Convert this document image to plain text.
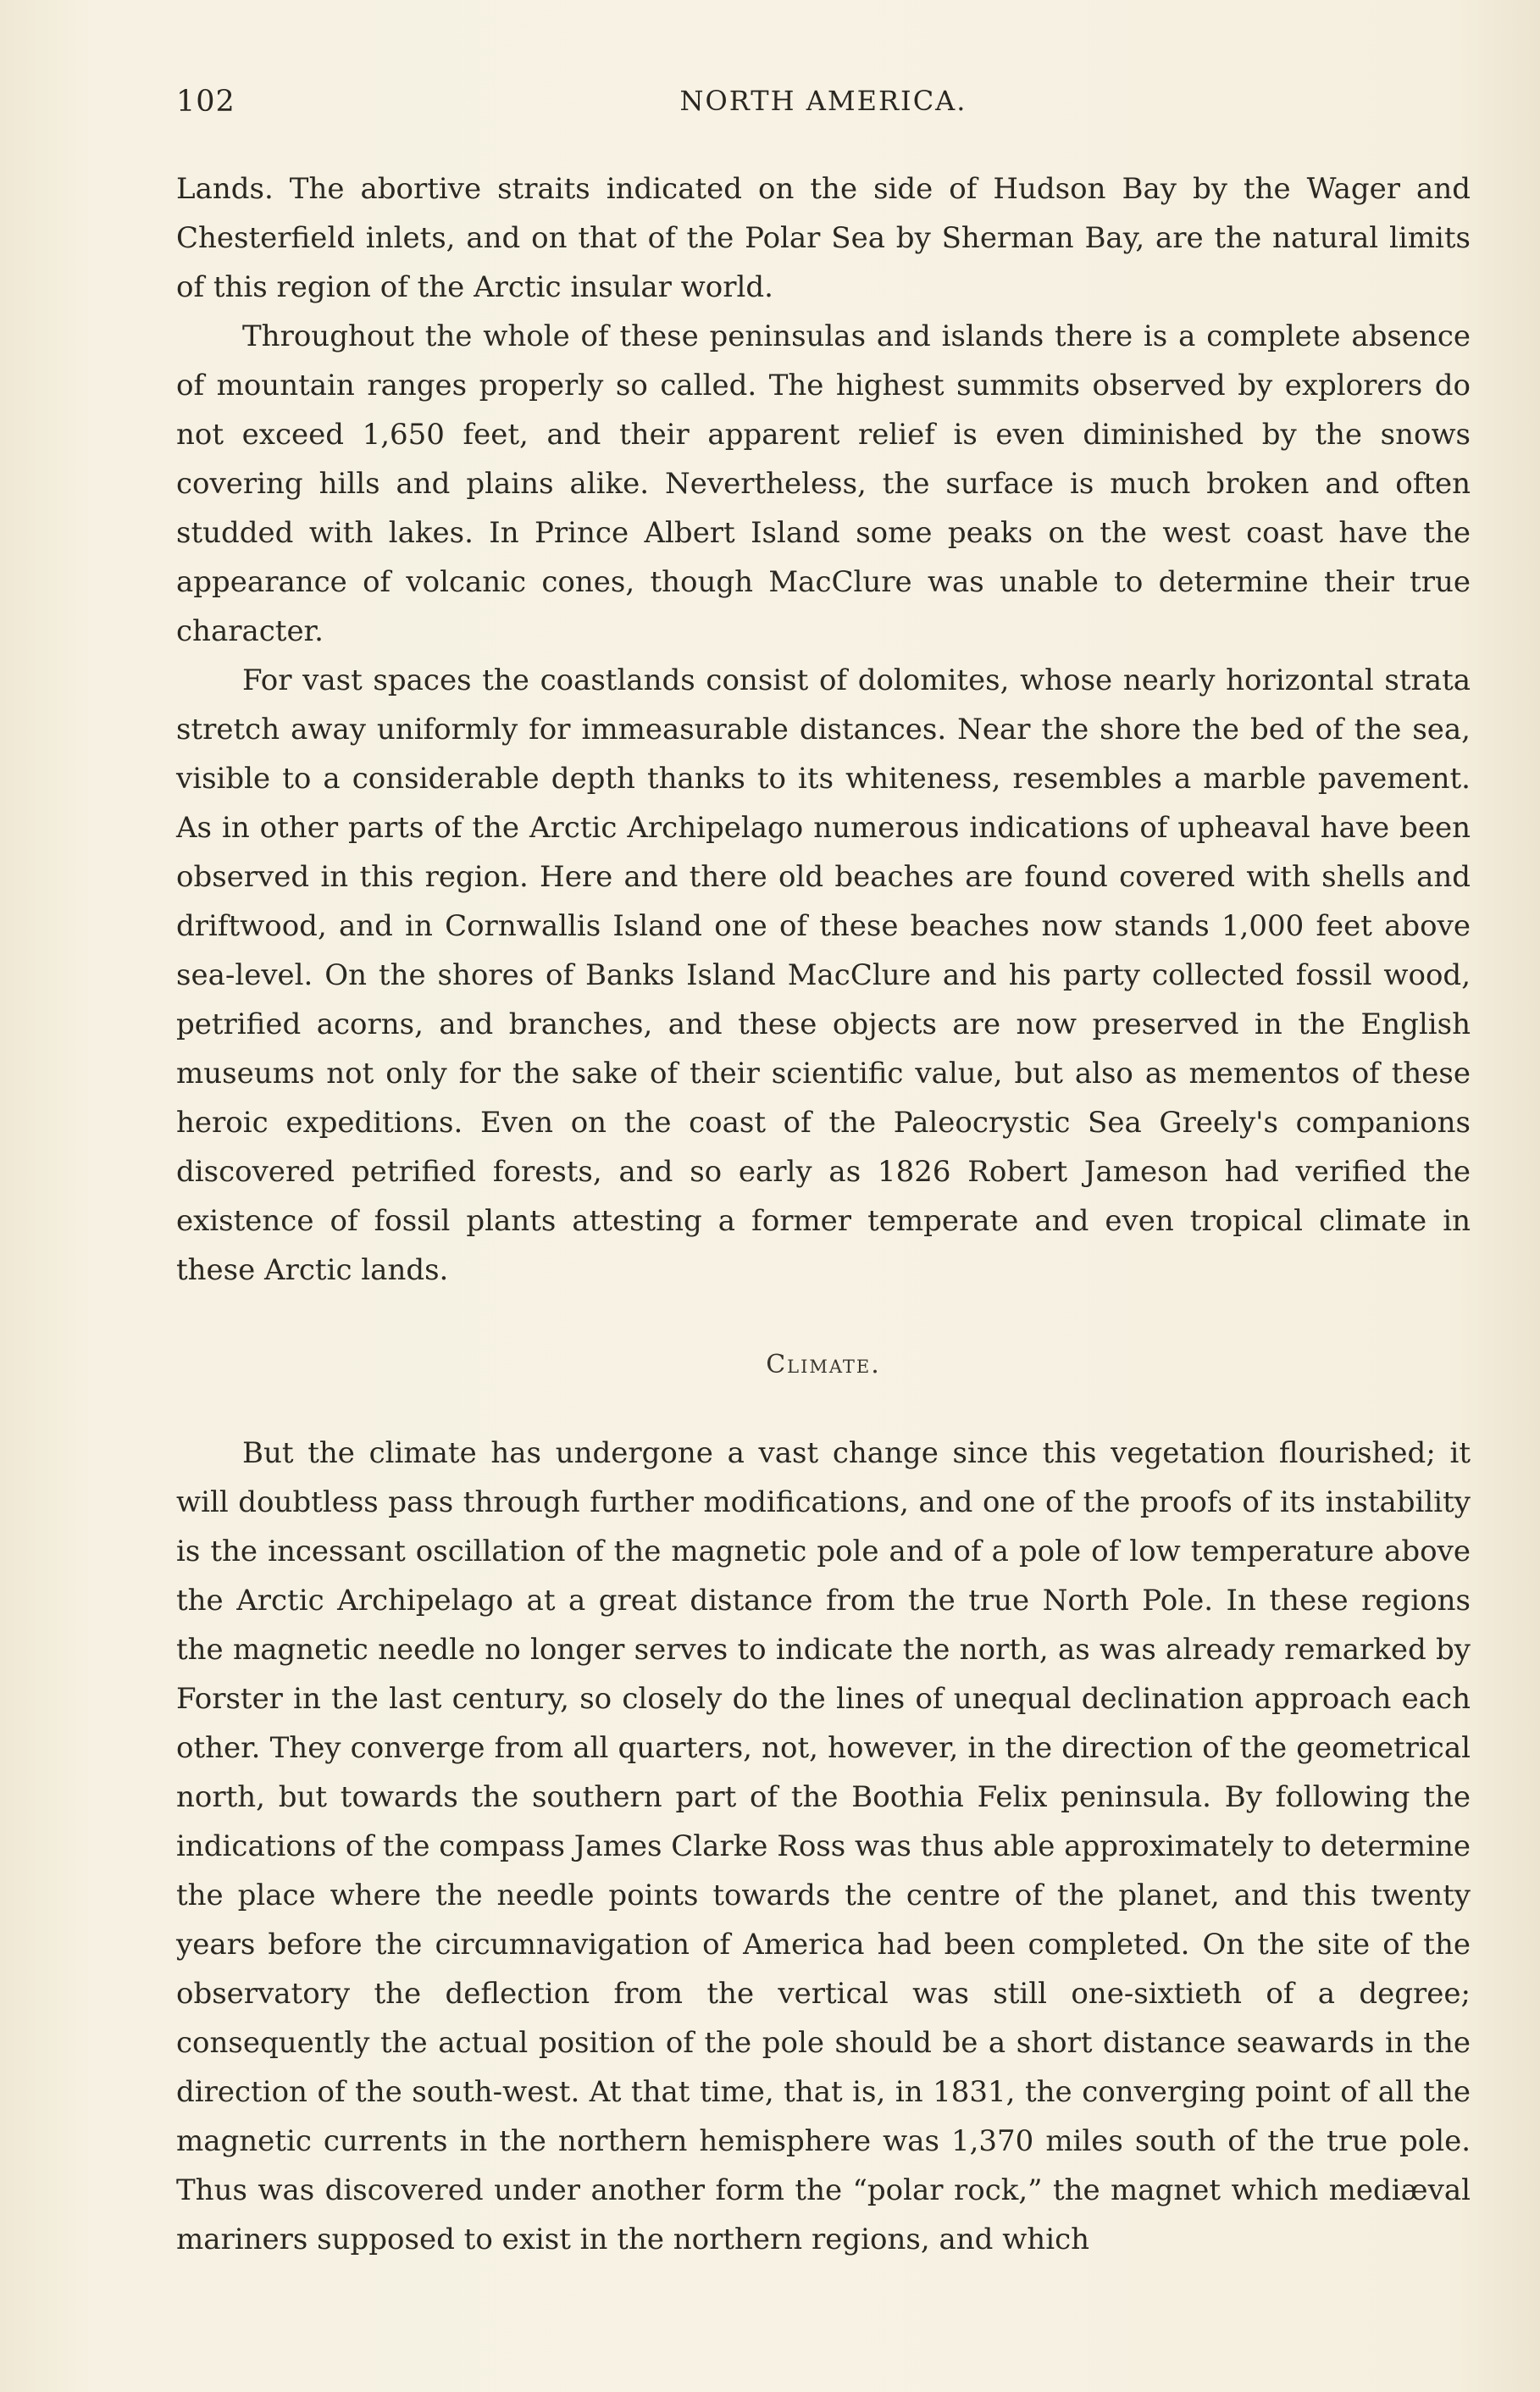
102	NORTH AMERICA.

Lands. The abortive straits indicated on the side of Hudson Bay by the Wager and Chesterfield inlets, and on that of the Polar Sea by Sherman Bay, are the natural limits of this region of the Arctic insular world.

Throughout the whole of these peninsulas and islands there is a complete absence of mountain ranges properly so called. The highest summits observed by explorers do not exceed 1,650 feet, and their apparent relief is even diminished by the snows covering hills and plains alike. Nevertheless, the surface is much broken and often studded with lakes. In Prince Albert Island some peaks on the west coast have the appearance of volcanic cones, though MacClure was unable to determine their true character.

For vast spaces the coastlands consist of dolomites, whose nearly horizontal strata stretch away uniformly for immeasurable distances. Near the shore the bed of the sea, visible to a considerable depth thanks to its whiteness, resembles a marble pavement. As in other parts of the Arctic Archipelago numerous indications of upheaval have been observed in this region. Here and there old beaches are found covered with shells and driftwood, and in Cornwallis Island one of these beaches now stands 1,000 feet above sea-level. On the shores of Banks Island MacClure and his party collected fossil wood, petrified acorns, and branches, and these objects are now preserved in the English museums not only for the sake of their scientific value, but also as mementos of these heroic expeditions. Even on the coast of the Paleocrystic Sea Greely's companions discovered petrified forests, and so early as 1826 Robert Jameson had verified the existence of fossil plants attesting a former temperate and even tropical climate in these Arctic lands.

Climate.

But the climate has undergone a vast change since this vegetation flourished; it will doubtless pass through further modifications, and one of the proofs of its instability is the incessant oscillation of the magnetic pole and of a pole of low temperature above the Arctic Archipelago at a great distance from the true North Pole. In these regions the magnetic needle no longer serves to indicate the north, as was already remarked by Forster in the last century, so closely do the lines of unequal declination approach each other. They converge from all quarters, not, however, in the direction of the geometrical north, but towards the southern part of the Boothia Felix peninsula. By following the indications of the compass James Clarke Ross was thus able approximately to determine the place where the needle points towards the centre of the planet, and this twenty years before the circumnavigation of America had been completed. On the site of the observatory the deflection from the vertical was still one-sixtieth of a degree; consequently the actual position of the pole should be a short distance seawards in the direction of the south-west. At that time, that is, in 1831, the converging point of all the magnetic currents in the northern hemisphere was 1,370 miles south of the true pole. Thus was discovered under another form the “polar rock,” the magnet which mediæval mariners supposed to exist in the northern regions, and which
